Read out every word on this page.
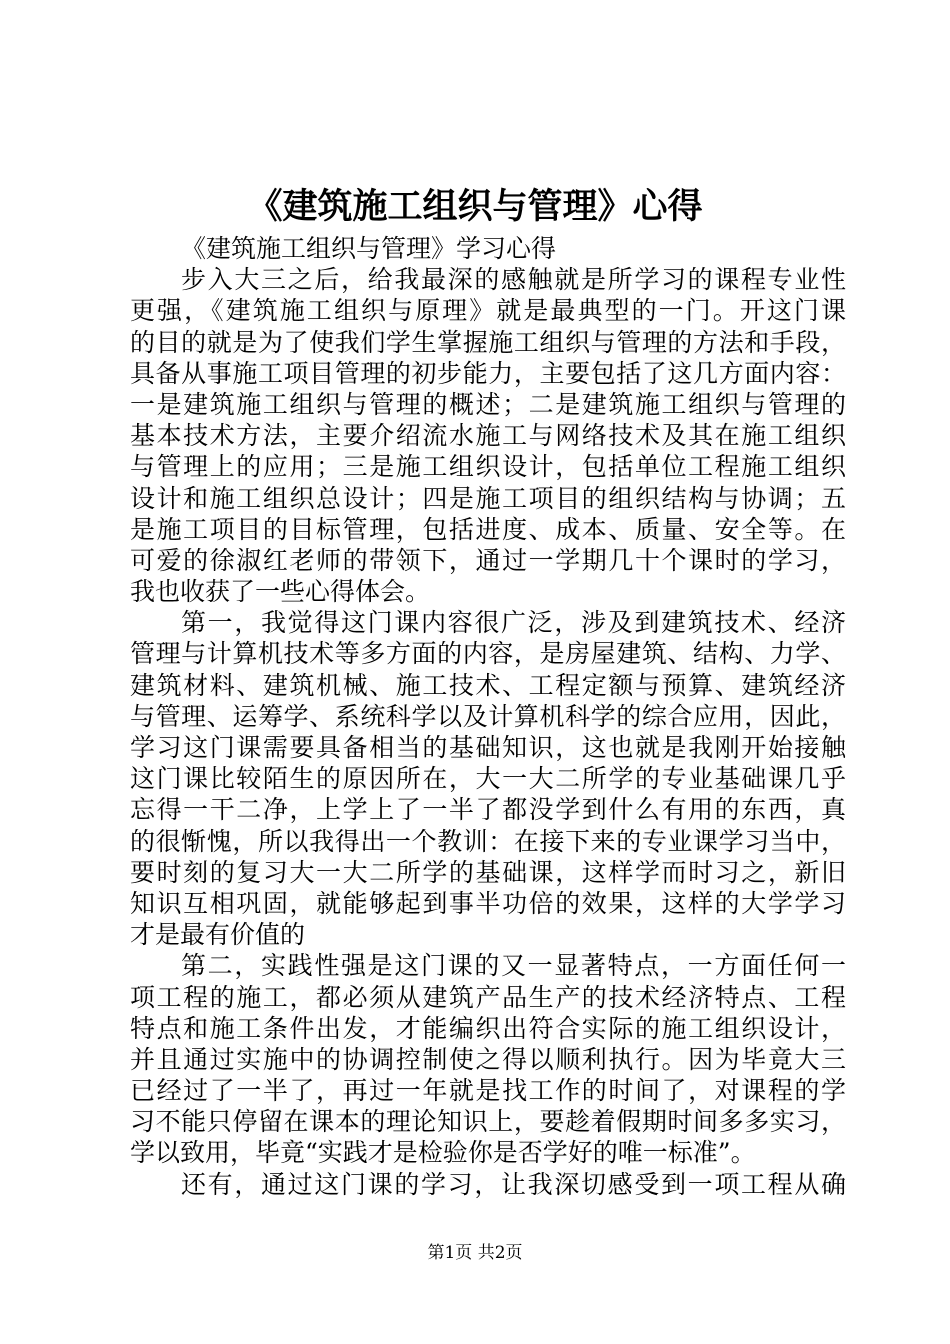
《建筑施工组织与管理》心得
《建筑施工组织与管理》学习心得
步入大三之后，给我最深的感触就是所学习的课程专业性
更强，《建筑施工组织与原理》就是最典型的一门。开这门课
的目的就是为了使我们学生掌握施工组织与管理的方法和手段，
具备从事施工项目管理的初步能力，主要包括了这几方面内容：
一是建筑施工组织与管理的概述；二是建筑施工组织与管理的
基本技术方法，主要介绍流水施工与网络技术及其在施工组织
与管理上的应用；三是施工组织设计，包括单位工程施工组织
设计和施工组织总设计；四是施工项目的组织结构与协调；五
是施工项目的目标管理，包括进度、成本、质量、安全等。在
可爱的徐淑红老师的带领下，通过一学期几十个课时的学习，
我也收获了一些心得体会。
第一，我觉得这门课内容很广泛，涉及到建筑技术、经济
管理与计算机技术等多方面的内容，是房屋建筑、结构、力学、
建筑材料、建筑机械、施工技术、工程定额与预算、建筑经济
与管理、运筹学、系统科学以及计算机科学的综合应用，因此，
学习这门课需要具备相当的基础知识，这也就是我刚开始接触
这门课比较陌生的原因所在，大一大二所学的专业基础课几乎
忘得一干二净，上学上了一半了都没学到什么有用的东西，真
的很惭愧，所以我得出一个教训：在接下来的专业课学习当中，
要时刻的复习大一大二所学的基础课，这样学而时习之，新旧
知识互相巩固，就能够起到事半功倍的效果，这样的大学学习
才是最有价值的
第二，实践性强是这门课的又一显著特点，一方面任何一
项工程的施工，都必须从建筑产品生产的技术经济特点、工程
特点和施工条件出发，才能编织出符合实际的施工组织设计，
并且通过实施中的协调控制使之得以顺利执行。因为毕竟大三
已经过了一半了，再过一年就是找工作的时间了，对课程的学
习不能只停留在课本的理论知识上，要趁着假期时间多多实习，
学以致用，毕竟“实践才是检验你是否学好的唯一标准”。
还有，通过这门课的学习，让我深切感受到一项工程从确
第1页 共2页
